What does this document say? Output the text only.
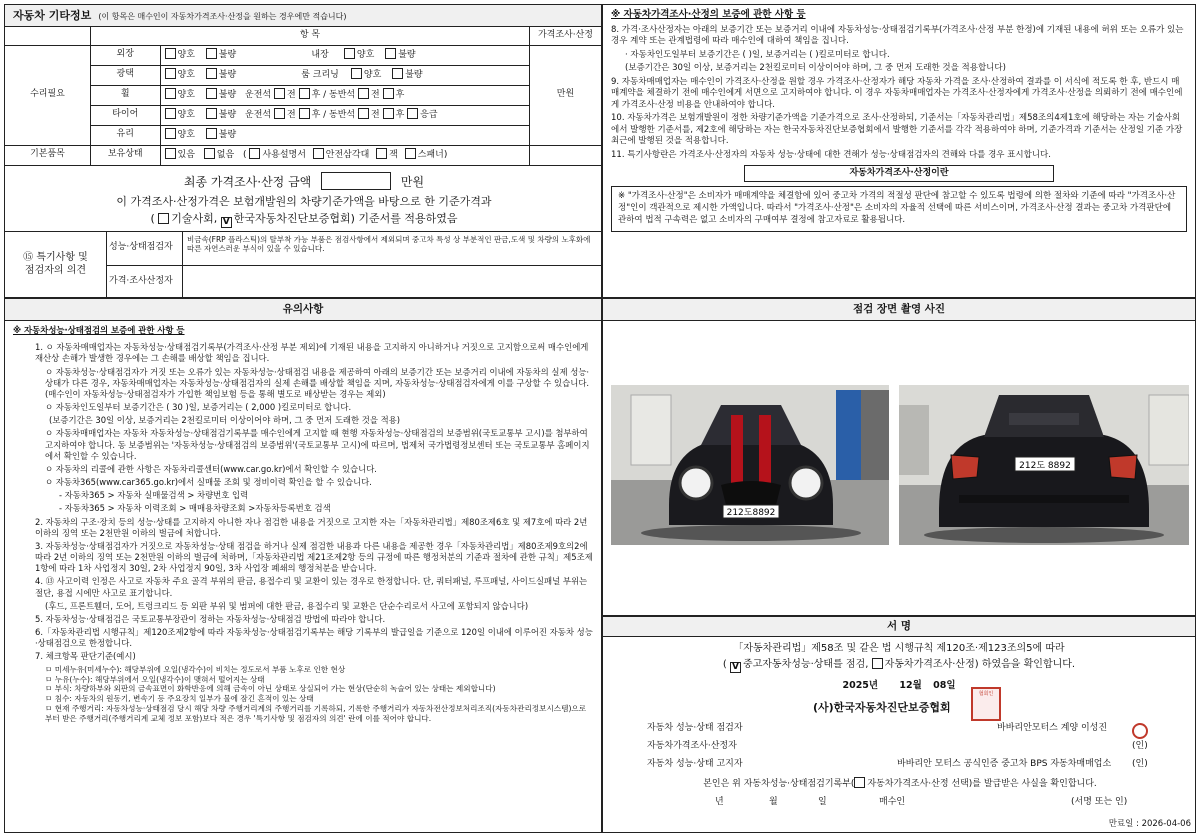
자동차 기타정보 (이 항목은 매수인이 자동차가격조사·산정을 원하는 경우에만 적습니다)
	항 목		가격조사·산정
수리필요	외장	양호 불량 내장 양호 불량	만원
	광택	양호 불량 룸 크리닝 양호 불량	
	휠	양호 불량 운전석 전 후 / 동반석 전 후	
	타이어	양호 불량 운전석 전 후 / 동반석 전 후 응급	
	유리	양호 불량	
기본품목	보유상태	있음 없음 ( 사용설명서 안전삼각대 잭 스패너)	
최종 가격조사·산정 금액	만원
이 가격조사·산정가격은 보험개발원의 차량기준가액을 바탕으로 한 기준가격과
( 기술사회, V 한국자동차진단보증협회) 기준서를 적용하였음
⑮ 특기사항 및
점검자의 의견
성능·상태점검자
비금속(FRP 플라스틱)의 탈부착 가능 부품은 점검사항에서 제외되며 중고차 특성 상 부분적인 판금,도색 및 차량의 노후화에 따른 자연스러운 부식이 있을 수 있습니다.
가격·조사산정자
※ 자동차가격조사·산정의 보증에 관한 사항 등

8. 가격·조사산정자는 아래의 보증기간 또는 보증거리 이내에 자동차성능·상태점검기록부(가격조사·산정 부분 한정)에 기재된 내용에 허위 또는 오류가 있는 경우 계약 또는 관계법령에 따라 매수인에 대하여 책임을 집니다.

· 자동차인도일부터 보증기간은 ( )일, 보증거리는 ( )킬로미터로 합니다.

(보증기간은 30일 이상, 보증거리는 2천킬로미터 이상이어야 하며, 그 중 먼저 도래한 것을 적용합니다)

9. 자동차매매업자는 매수인이 가격조사·산정을 원할 경우 가격조사·산정자가 해당 자동차 가격을 조사·산정하여 결과를 이 서식에 적도록 한 후, 반드시 매매계약을 체결하기 전에 매수인에게 서면으로 고지하여야 합니다. 이 경우 자동차매매업자는 가격조사·산정자에게 가격조사·산정을 의뢰하기 전에 매수인에게 가격조사·산정 비용을 안내하여야 합니다.

10. 자동차가격은 보험개발원이 정한 차량기준가액을 기준가격으로 조사·산정하되, 기준서는「자동차관리법」제58조의4제1호에 해당하는 자는 기술사회에서 발행한 기준서를, 제2호에 해당하는 자는 한국자동차진단보증협회에서 발행한 기준서를 각각 적용하여야 하며, 기준가격과 기준서는 산정일 기준 가장 최근에 발행된 것을 적용합니다.

11. 특기사항란은 가격조사·산정자의 자동차 성능·상태에 대한 견해가 성능·상태점검자의 견해와 다를 경우 표시합니다.

자동차가격조사·산정이란
※ "가격조사·산정"은 소비자가 매매계약을 체결함에 있어 중고차 가격의 적절성 판단에 참고할 수 있도록 법령에 의한 절차와 기준에 따라 "가격조사·산정"인이 객관적으로 제시한 가액입니다. 따라서 "가격조사·산정"은 소비자의 자율적 선택에 따른 서비스이며, 가격조사·산정 결과는 중고차 가격판단에 관하여 법적 구속력은 없고 소비자의 구매여부 결정에 참고자료로 활용됩니다.
유의사항
※ 자동차성능·상태점검의 보증에 관한 사항 등

1. ㅇ 자동차매매업자는 자동차성능·상태점검기록부(가격조사·산정 부분 제외)에 기재된 내용을 고지하지 아니하거나 거짓으로 고지함으로써 매수인에게 재산상 손해가 발생한 경우에는 그 손해를 배상할 책임을 집니다.

ㅇ 자동차성능·상태점검자가 거짓 또는 오류가 있는 자동차성능·상태점검 내용을 제공하여 아래의 보증기간 또는 보증거리 이내에 자동차의 실제 성능·상태가 다른 경우, 자동차매매업자는 자동차성능·상태점검자의 실제 손해를 배상할 책임을 지며, 자동차성능·상태점검자에게 이를 구상할 수 있습니다.(매수인이 자동차성능·상태점검자가 가입한 책임보험 등을 통해 별도로 배상받는 경우는 제외)

ㅇ 자동차인도일부터 보증기간은 ( 30 )일, 보증거리는 ( 2,000 )킬로미터로 합니다.

(보증기간은 30일 이상, 보증거리는 2천킬로미터 이상이어야 하며, 그 중 먼저 도래한 것을 적용)

ㅇ 자동차매매업자는 자동차 자동차성능·상태점검기록부를 매수인에게 고지할 때 현행 자동차성능·상태점검의 보증범위(국토교통부 고시)를 첨부하여 고지하여야 합니다. 동 보증범위는 '자동차성능·상태점검의 보증범위'(국토교통부 고시)에 따르며, 법제처 국가법령정보센터 또는 국토교통부 홈페이지에서 확인할 수 있습니다.

ㅇ 자동차의 리콜에 관한 사항은 자동차리콜센터(www.car.go.kr)에서 확인할 수 있습니다.

ㅇ 자동차365(www.car365.go.kr)에서 실매물 조회 및 정비이력 확인을 할 수 있습니다.

- 자동차365 > 자동차 실매물검색 > 차량번호 입력

- 자동차365 > 자동차 이력조회 > 매매용차량조회 >자동차등록번호 검색

2. 자동차의 구조·장치 등의 성능·상태를 고지하지 아니한 자나 점검한 내용을 거짓으로 고지한 자는「자동차관리법」제80조제6호 및 제7호에 따라 2년 이하의 징역 또는 2천만원 이하의 벌금에 처합니다.

3. 자동차성능·상태점검자가 거짓으로 자동차성능·상태 점검을 하거나 실제 점검한 내용과 다른 내용을 제공한 경우「자동차관리법」제80조제9호의2에 따라 2년 이하의 징역 또는 2천만원 이하의 벌금에 처하며,「자동차관리법 제21조제2항 등의 규정에 따른 행정처분의 기준과 절차에 관한 규칙」제5조제1항에 따라 1차 사업정지 30일, 2차 사업정지 90일, 3차 사업장 폐쇄의 행정처분을 받습니다.

4. ⑬ 사고이력 인정은 사고로 자동차 주요 골격 부위의 판금, 용접수리 및 교환이 있는 경우로 한정합니다. 단, 쿼터패널, 루프패널, 사이드실패널 부위는 절단, 용접 시에만 사고로 표기합니다.

(후드, 프론트휀더, 도어, 트렁크리드 등 외판 부위 및 범퍼에 대한 판금, 용접수리 및 교환은 단순수리로서 사고에 포함되지 않습니다)

5. 자동차성능·상태점검은 국토교통부장관이 정하는 자동차성능·상태점검 방법에 따라야 합니다.

6.「자동차관리법 시행규칙」제120조제2항에 따라 자동차성능·상태점검기록부는 해당 기록부의 발급일을 기준으로 120일 이내에 이루어진 자동차 성능·상태점검으로 한정합니다.

7. 체크항목 판단기준(예시)

ㅁ 미세누유(미세누수): 해당부위에 오일(냉각수)이 비치는 정도로서 부품 노후로 인한 현상

ㅁ 누유(누수): 해당부위에서 오일(냉각수)이 맺혀서 떨어지는 상태

ㅁ 부식: 차량하부와 외판의 금속표면이 화학반응에 의해 금속이 아닌 상태로 상실되어 가는 현상(단순히 녹슬어 있는 상태는 제외합니다)

ㅁ 침수: 자동차의 원동기, 변속기 등 주요장치 일부가 물에 잠긴 흔적이 있는 상태

ㅁ 현재 주행거리: 자동차성능·상태점검 당시 해당 차량 주행거리계의 주행거리를 기록하되, 기록한 주행거리가 자동차전산정보처리조직(자동차관리정보시스템)으로부터 받은 주행거리(주행거리계 교체 정보 포함)보다 적은 경우 '특기사항 및 점검자의 의견' 란에 이를 적어야 합니다.

점검 장면 촬영 사진
212도8892
212도 8892
서 명
「자동차관리법」제58조 및 같은 법 시행규칙 제120조·제123조의5에 따라
( V 중고자동차성능·상태를 점검, 자동차가격조사·산정) 하였음을 확인합니다.
2025년 12월 08일
(사)한국자동차진단보증협회
협회인
자동차 성능·상태 점검자	바바리안모터스 계양 이성진
자동차가격조사·산정자	(인)
자동차 성능·상태 고지자	바바리안 모터스 공식인증 중고차 BPS 자동차매매업소 (인)
본인은 위 자동차성능·상태점검기록부( 자동차가격조사·산정 선택)를 발급받은 사실을 확인합니다.
년	월	일	매수인	(서명 또는 인)
만료일 : 2026-04-06
